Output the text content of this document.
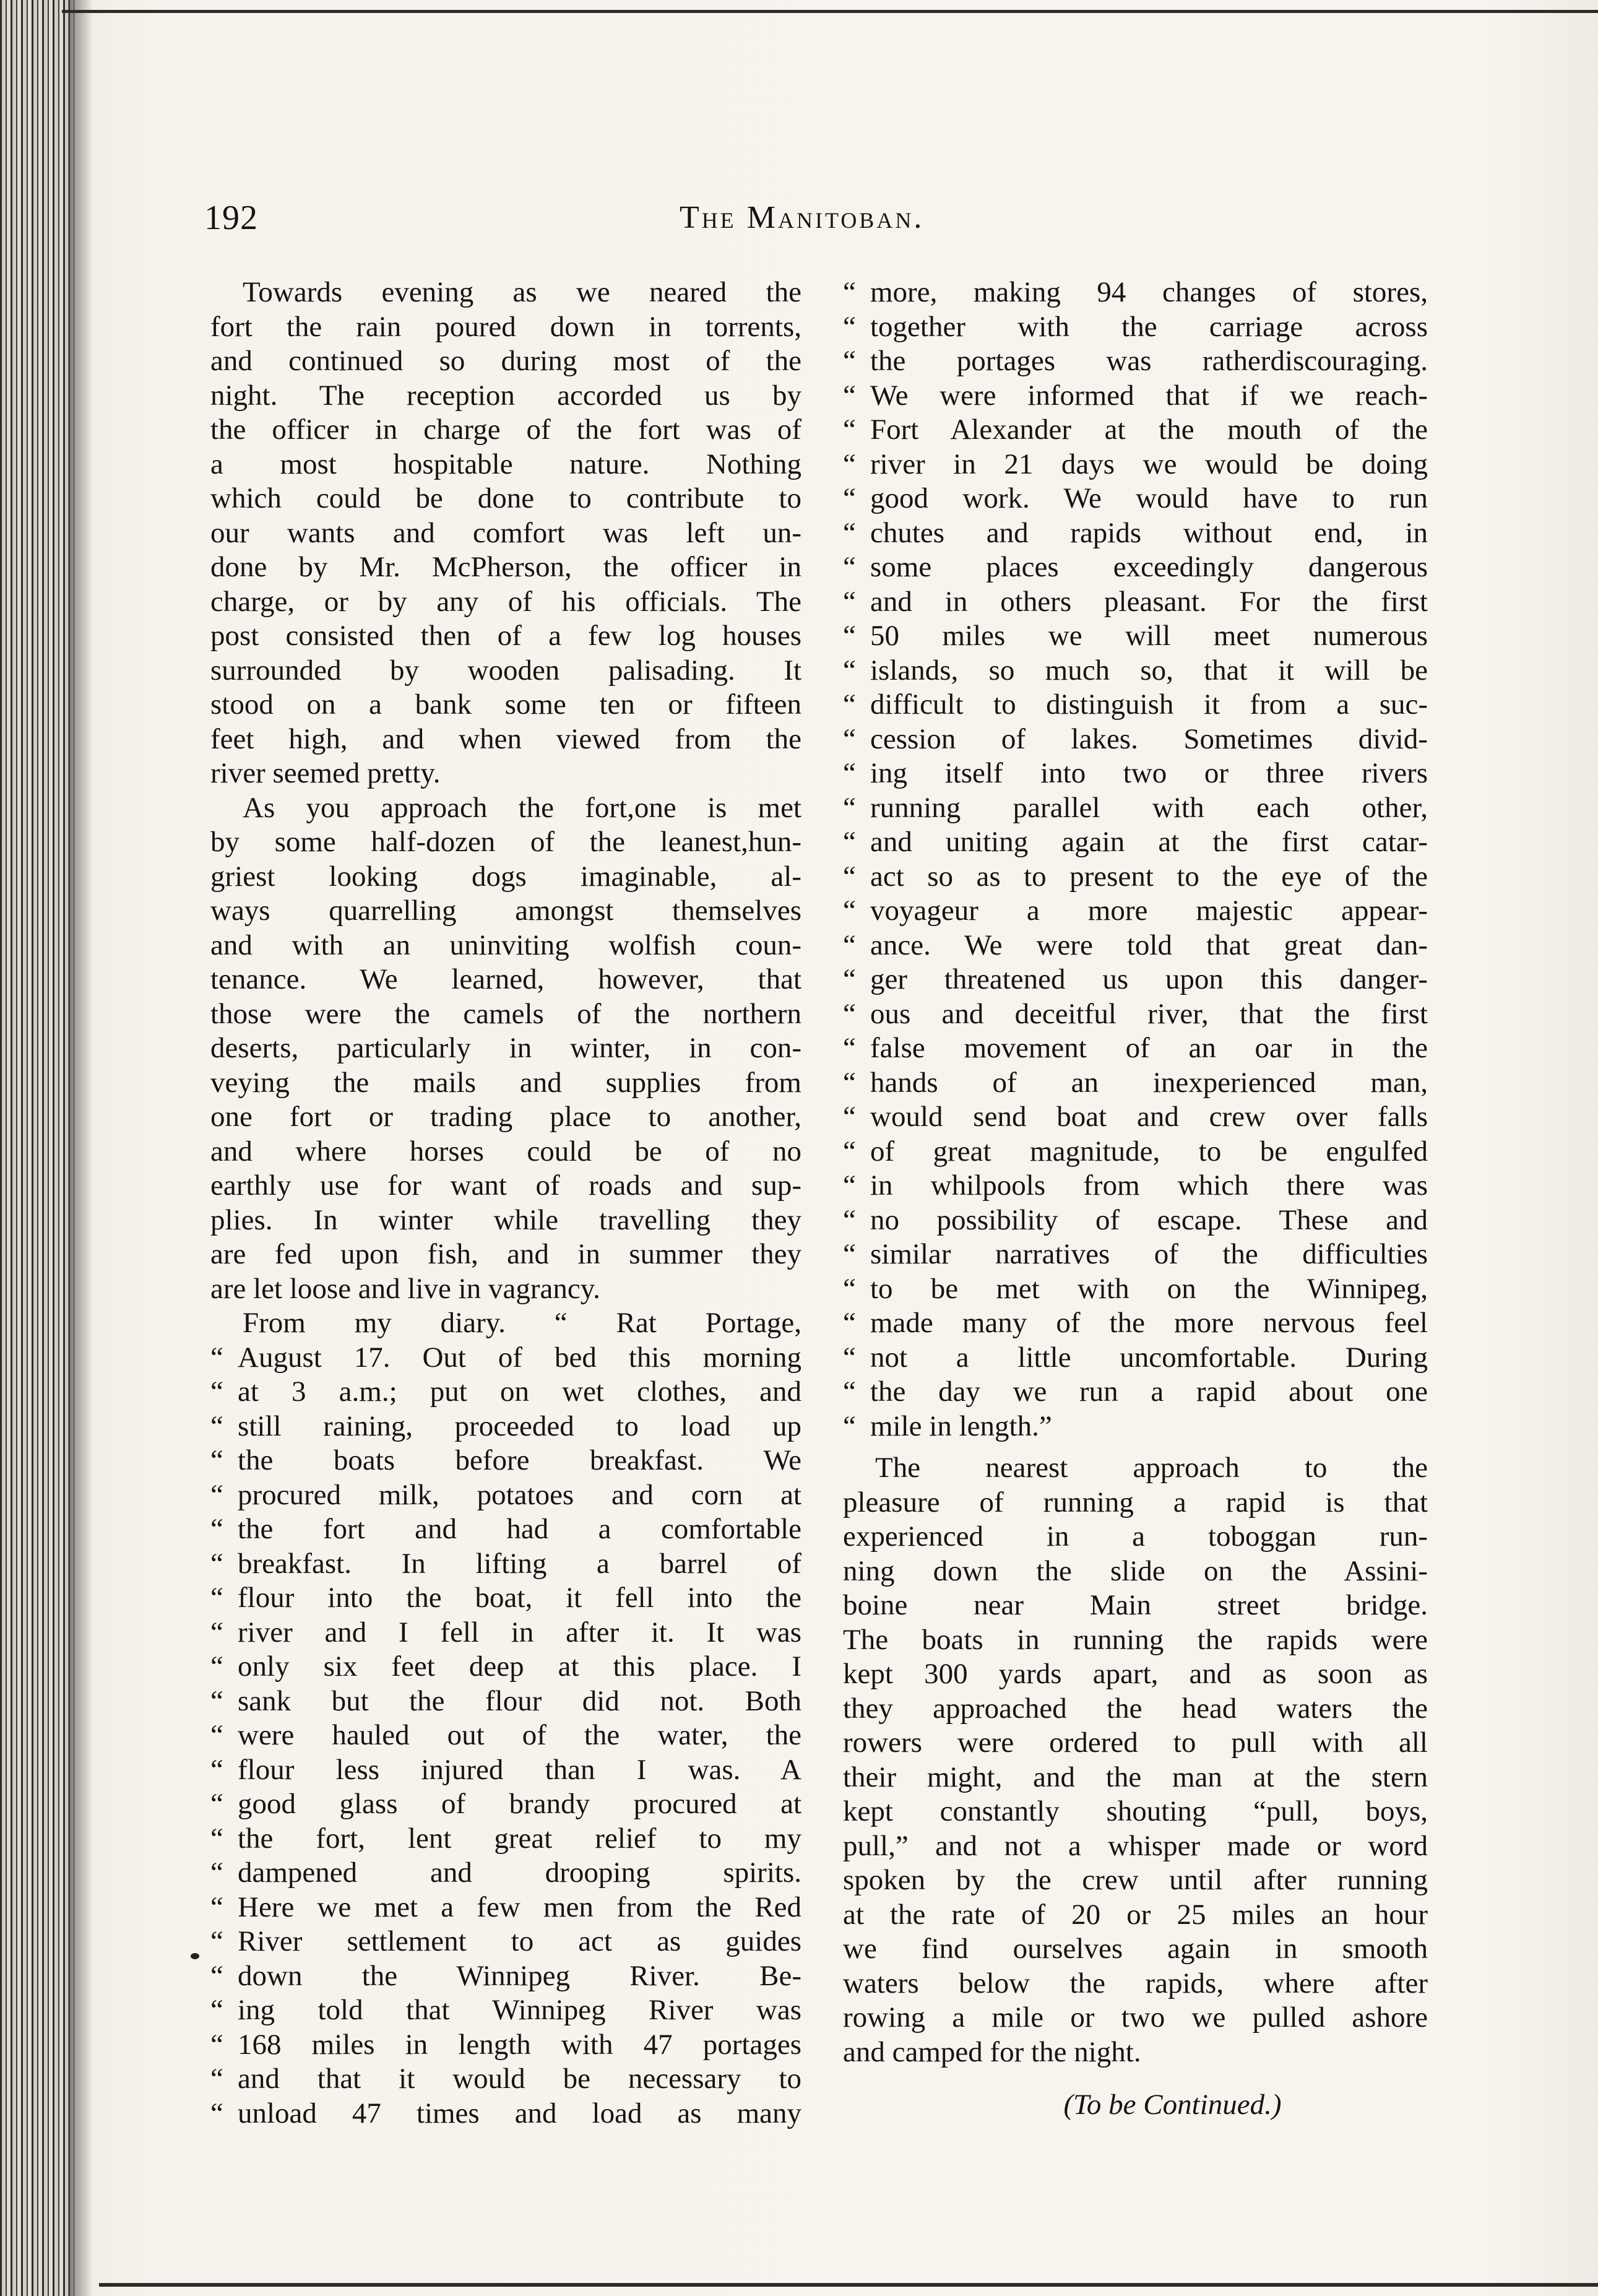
192	The Manitoban.
Towards evening as we neared the
fort the rain poured down in torrents,
and continued so during most of the
night. The reception accorded us by
the officer in charge of the fort was of
a most hospitable nature. Nothing
which could be done to contribute to
our wants and comfort was left un-
done by Mr. McPherson, the officer in
charge, or by any of his officials. The
post consisted then of a few log houses
surrounded by wooden palisading. It
stood on a bank some ten or fifteen
feet high, and when viewed from the
river seemed pretty.
As you approach the fort,one is met
by some half-dozen of the leanest,hun-
griest looking dogs imaginable, al-
ways quarrelling amongst themselves
and with an uninviting wolfish coun-
tenance. We learned, however, that
those were the camels of the northern
deserts, particularly in winter, in con-
veying the mails and supplies from
one fort or trading place to another,
and where horses could be of no
earthly use for want of roads and sup-
plies. In winter while travelling they
are fed upon fish, and in summer they
are let loose and live in vagrancy.
From my diary. “ Rat Portage,
“ August 17. Out of bed this morning
“ at 3 a.m.; put on wet clothes, and
“ still raining, proceeded to load up
“ the boats before breakfast. We
“ procured milk, potatoes and corn at
“ the fort and had a comfortable
“ breakfast. In lifting a barrel of
“ flour into the boat, it fell into the
“ river and I fell in after it. It was
“ only six feet deep at this place. I
“ sank but the flour did not. Both
“ were hauled out of the water, the
“ flour less injured than I was. A
“ good glass of brandy procured at
“ the fort, lent great relief to my
“ dampened and drooping spirits.
“ Here we met a few men from the Red
“ River settlement to act as guides
“ down the Winnipeg River. Be-
“ ing told that Winnipeg River was
“ 168 miles in length with 47 portages
“ and that it would be necessary to
“ unload 47 times and load as many
“ more, making 94 changes of stores,
“ together with the carriage across
“ the portages was ratherdiscouraging.
“ We were informed that if we reach-
“ Fort Alexander at the mouth of the
“ river in 21 days we would be doing
“ good work. We would have to run
“ chutes and rapids without end, in
“ some places exceedingly dangerous
“ and in others pleasant. For the first
“ 50 miles we will meet numerous
“ islands, so much so, that it will be
“ difficult to distinguish it from a suc-
“ cession of lakes. Sometimes divid-
“ ing itself into two or three rivers
“ running parallel with each other,
“ and uniting again at the first catar-
“ act so as to present to the eye of the
“ voyageur a more majestic appear-
“ ance. We were told that great dan-
“ ger threatened us upon this danger-
“ ous and deceitful river, that the first
“ false movement of an oar in the
“ hands of an inexperienced man,
“ would send boat and crew over falls
“ of great magnitude, to be engulfed
“ in whilpools from which there was
“ no possibility of escape. These and
“ similar narratives of the difficulties
“ to be met with on the Winnipeg,
“ made many of the more nervous feel
“ not a little uncomfortable. During
“ the day we run a rapid about one
“ mile in length.”
The nearest approach to the
pleasure of running a rapid is that
experienced in a toboggan run-
ning down the slide on the Assini-
boine near Main street bridge.
The boats in running the rapids were
kept 300 yards apart, and as soon as
they approached the head waters the
rowers were ordered to pull with all
their might, and the man at the stern
kept constantly shouting “pull, boys,
pull,” and not a whisper made or word
spoken by the crew until after running
at the rate of 20 or 25 miles an hour
we find ourselves again in smooth
waters below the rapids, where after
rowing a mile or two we pulled ashore
and camped for the night.
(To be Continued.)
